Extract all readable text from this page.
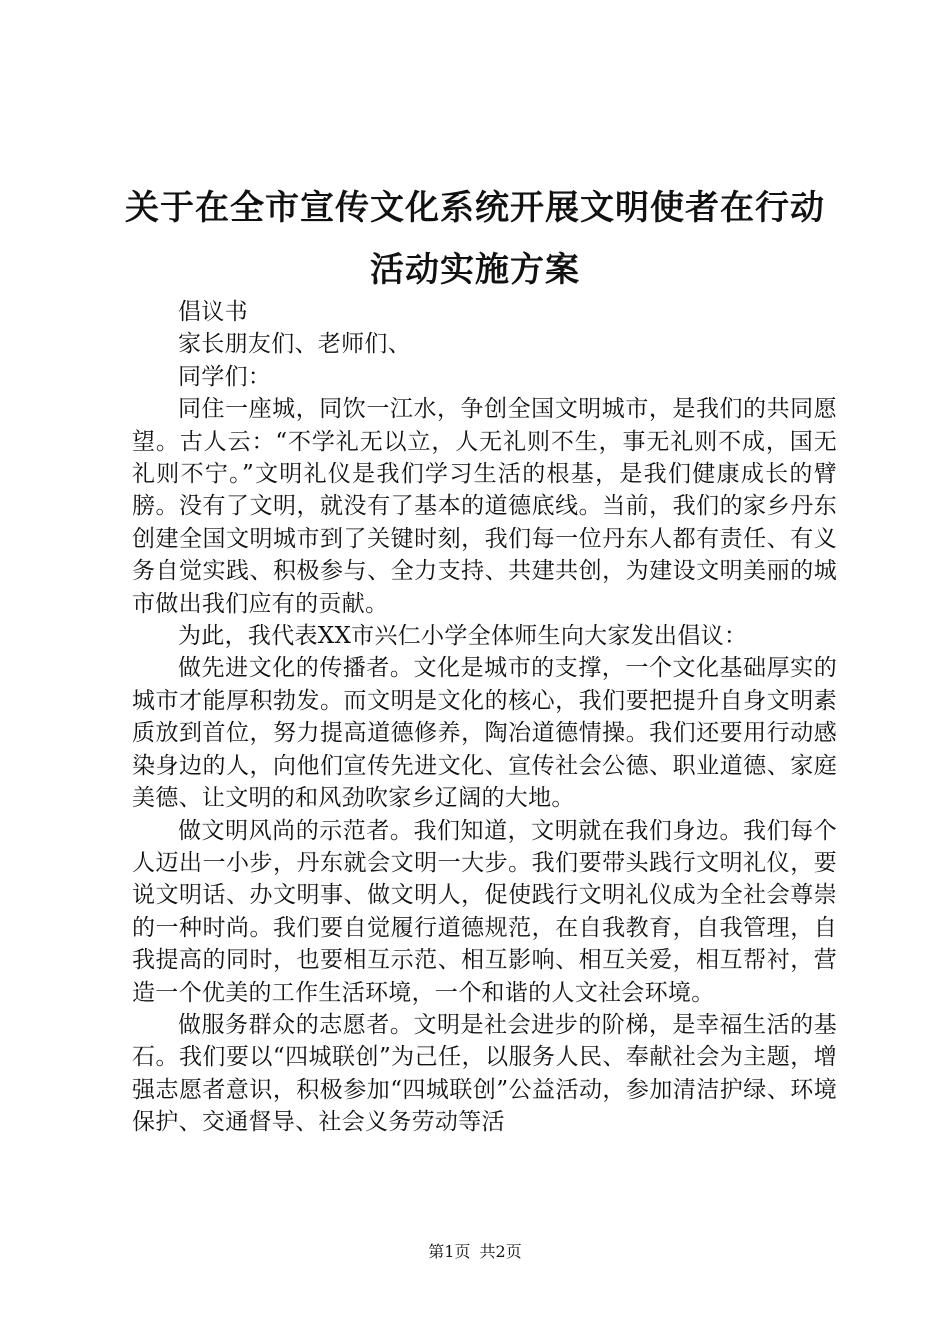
关于在全市宣传文化系统开展文明使者在行动
活动实施方案

倡议书

家长朋友们、老师们、

同学们：

同住一座城，同饮一江水，争创全国文明城市，是我们的共同愿望。古人云：“不学礼无以立，人无礼则不生，事无礼则不成，国无礼则不宁。”文明礼仪是我们学习生活的根基，是我们健康成长的臂膀。没有了文明，就没有了基本的道德底线。当前，我们的家乡丹东创建全国文明城市到了关键时刻，我们每一位丹东人都有责任、有义务自觉实践、积极参与、全力支持、共建共创，为建设文明美丽的城市做出我们应有的贡献。

为此，我代表XX市兴仁小学全体师生向大家发出倡议：

做先进文化的传播者。文化是城市的支撑，一个文化基础厚实的城市才能厚积勃发。而文明是文化的核心，我们要把提升自身文明素质放到首位，努力提高道德修养，陶冶道德情操。我们还要用行动感染身边的人，向他们宣传先进文化、宣传社会公德、职业道德、家庭美德、让文明的和风劲吹家乡辽阔的大地。

做文明风尚的示范者。我们知道，文明就在我们身边。我们每个人迈出一小步，丹东就会文明一大步。我们要带头践行文明礼仪，要说文明话、办文明事、做文明人，促使践行文明礼仪成为全社会尊崇的一种时尚。我们要自觉履行道德规范，在自我教育，自我管理，自我提高的同时，也要相互示范、相互影响、相互关爱，相互帮衬，营造一个优美的工作生活环境，一个和谐的人文社会环境。

做服务群众的志愿者。文明是社会进步的阶梯，是幸福生活的基石。我们要以“四城联创”为己任，以服务人民、奉献社会为主题，增强志愿者意识，积极参加“四城联创”公益活动，参加清洁护绿、环境保护、交通督导、社会义务劳动等活

第1页 共2页
